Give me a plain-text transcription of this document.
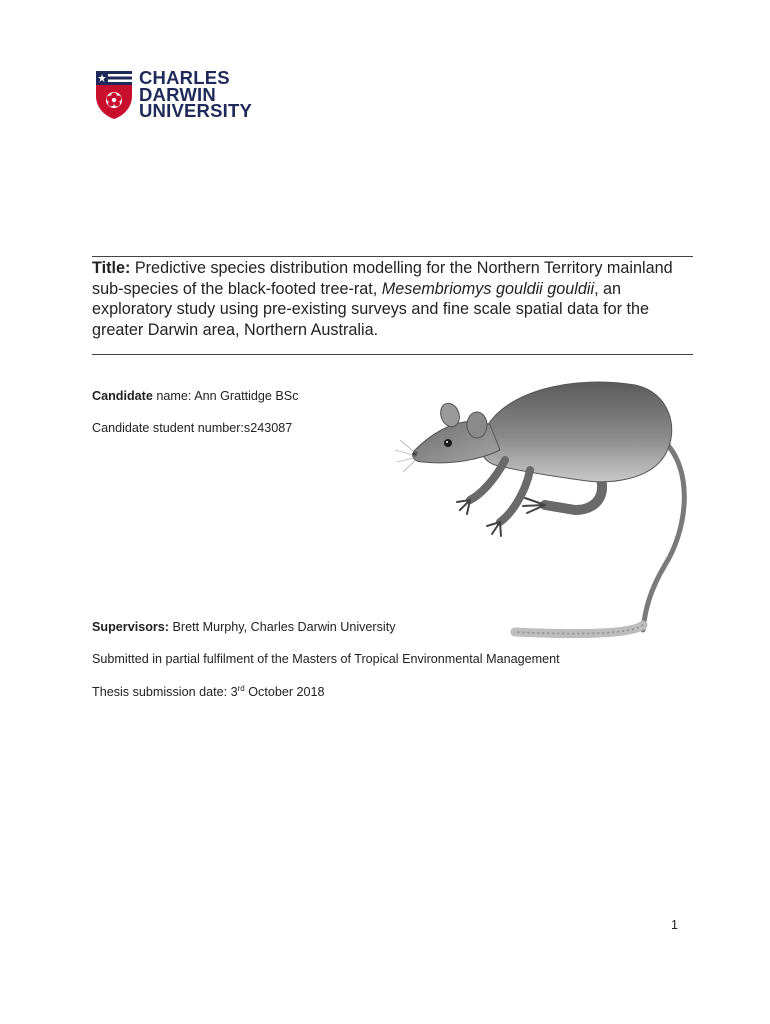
CHARLES
DARWIN
UNIVERSITY
Title: Predictive species distribution modelling for the Northern Territory mainland sub-species of the black-footed tree-rat, Mesembriomys gouldii gouldii, an exploratory study using pre-existing surveys and fine scale spatial data for the greater Darwin area, Northern Australia.
Candidate name: Ann Grattidge BSc
Candidate student number:s243087
Supervisors: Brett Murphy, Charles Darwin University
Submitted in partial fulfilment of the Masters of Tropical Environmental Management
Thesis submission date: 3rd October 2018
1
